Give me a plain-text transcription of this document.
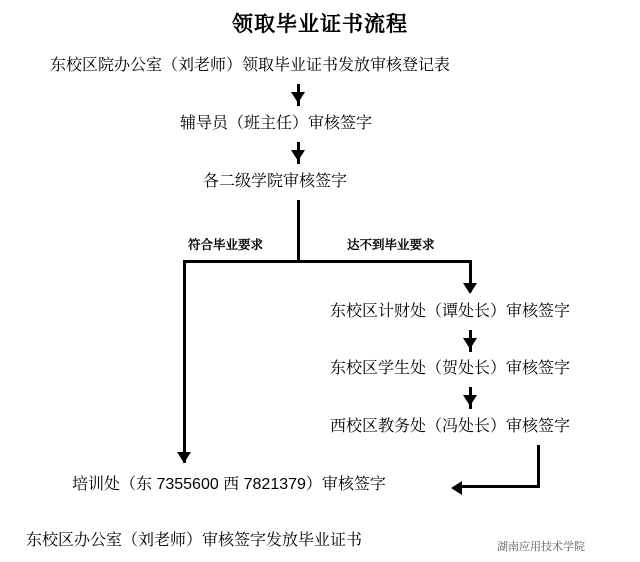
领取毕业证书流程
东校区院办公室（刘老师）领取毕业证书发放审核登记表
辅导员（班主任）审核签字
各二级学院审核签字
符合毕业要求	达不到毕业要求
东校区计财处（谭处长）审核签字
东校区学生处（贺处长）审核签字
西校区教务处（冯处长）审核签字
培训处（东 7355600 西 7821379）审核签字
东校区办公室（刘老师）审核签字发放毕业证书	湖南应用技术学院
